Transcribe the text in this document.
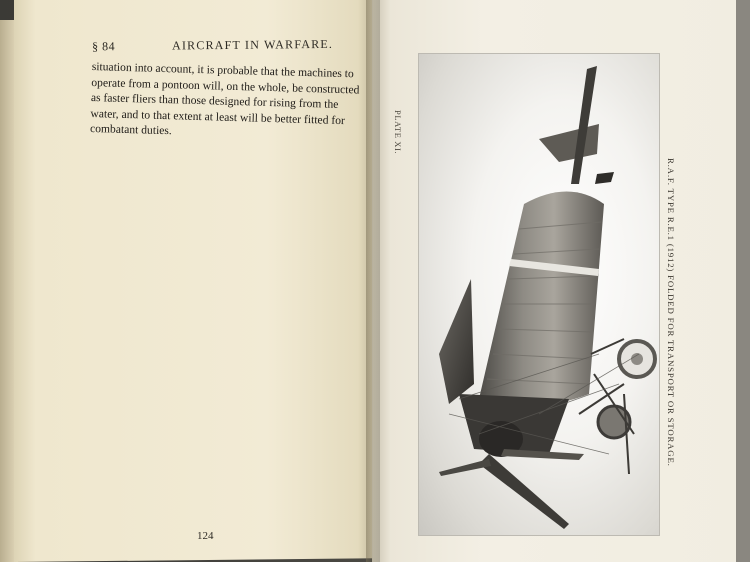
§ 84	AIRCRAFT IN WARFARE.
situation into account, it is probable that the machines to
operate from a pontoon will, on the whole, be constructed
as faster fliers than those designed for rising from the
water, and to that extent at least will be better fitted for
combatant duties.
124
PLATE XI.
R.A.F. TYPE R.E.1 (1912) FOLDED FOR TRANSPORT OR STORAGE.
